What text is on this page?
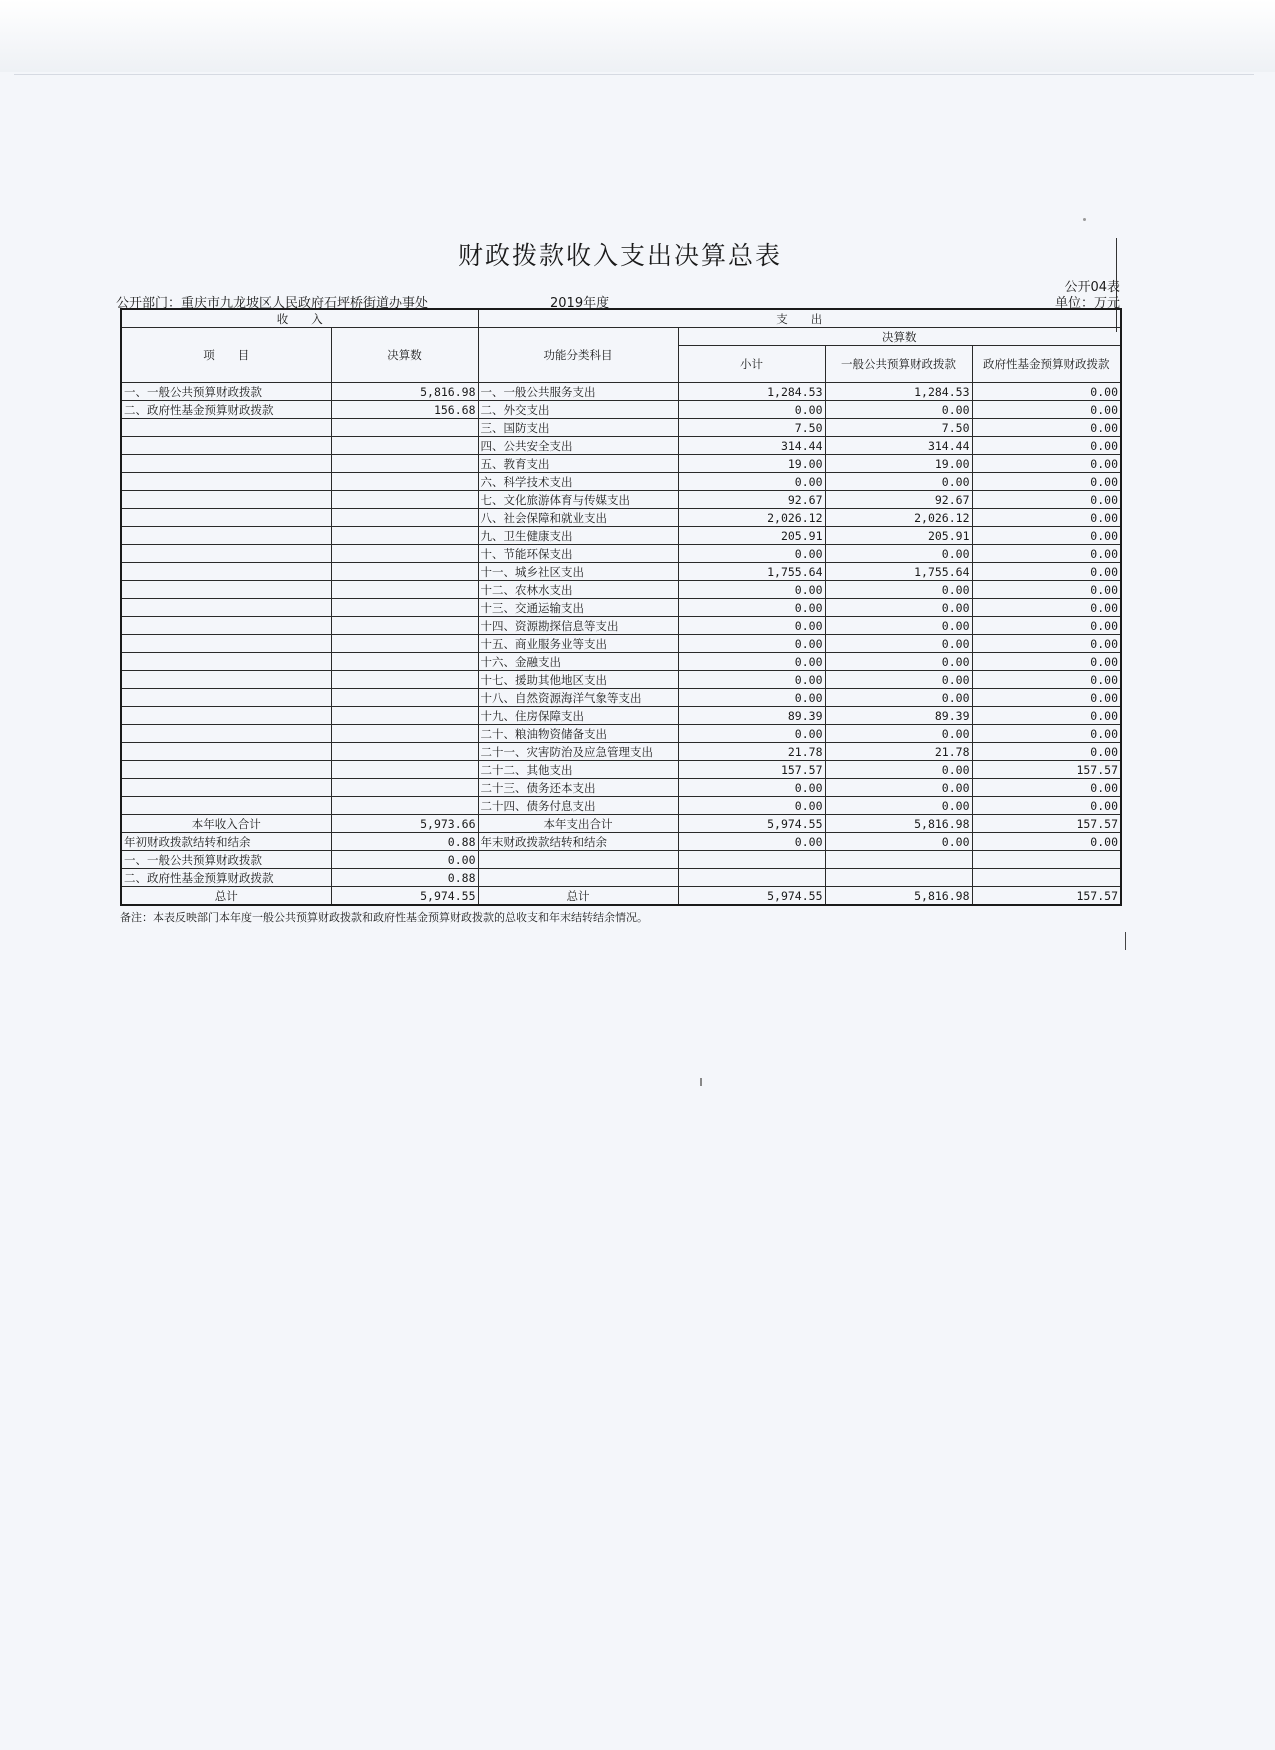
财政拨款收入支出决算总表
公开04表
公开部门：重庆市九龙坡区人民政府石坪桥街道办事处	2019年度	单位：万元
收　　入		支　　出			
项　　目	决算数	功能分类科目	决算数		
			小计	一般公共预算财政拨款	政府性基金预算财政拨款
一、一般公共预算财政拨款	5,816.98	一、一般公共服务支出	1,284.53	1,284.53	0.00
二、政府性基金预算财政拨款	156.68	二、外交支出	0.00	0.00	0.00
		三、国防支出	7.50	7.50	0.00
		四、公共安全支出	314.44	314.44	0.00
		五、教育支出	19.00	19.00	0.00
		六、科学技术支出	0.00	0.00	0.00
		七、文化旅游体育与传媒支出	92.67	92.67	0.00
		八、社会保障和就业支出	2,026.12	2,026.12	0.00
		九、卫生健康支出	205.91	205.91	0.00
		十、节能环保支出	0.00	0.00	0.00
		十一、城乡社区支出	1,755.64	1,755.64	0.00
		十二、农林水支出	0.00	0.00	0.00
		十三、交通运输支出	0.00	0.00	0.00
		十四、资源勘探信息等支出	0.00	0.00	0.00
		十五、商业服务业等支出	0.00	0.00	0.00
		十六、金融支出	0.00	0.00	0.00
		十七、援助其他地区支出	0.00	0.00	0.00
		十八、自然资源海洋气象等支出	0.00	0.00	0.00
		十九、住房保障支出	89.39	89.39	0.00
		二十、粮油物资储备支出	0.00	0.00	0.00
		二十一、灾害防治及应急管理支出	21.78	21.78	0.00
		二十二、其他支出	157.57	0.00	157.57
		二十三、债务还本支出	0.00	0.00	0.00
		二十四、债务付息支出	0.00	0.00	0.00
本年收入合计	5,973.66	本年支出合计	5,974.55	5,816.98	157.57
年初财政拨款结转和结余	0.88	年末财政拨款结转和结余	0.00	0.00	0.00
一、一般公共预算财政拨款	0.00				
二、政府性基金预算财政拨款	0.88				
总计	5,974.55	总计	5,974.55	5,816.98	157.57
备注：本表反映部门本年度一般公共预算财政拨款和政府性基金预算财政拨款的总收支和年末结转结余情况。
